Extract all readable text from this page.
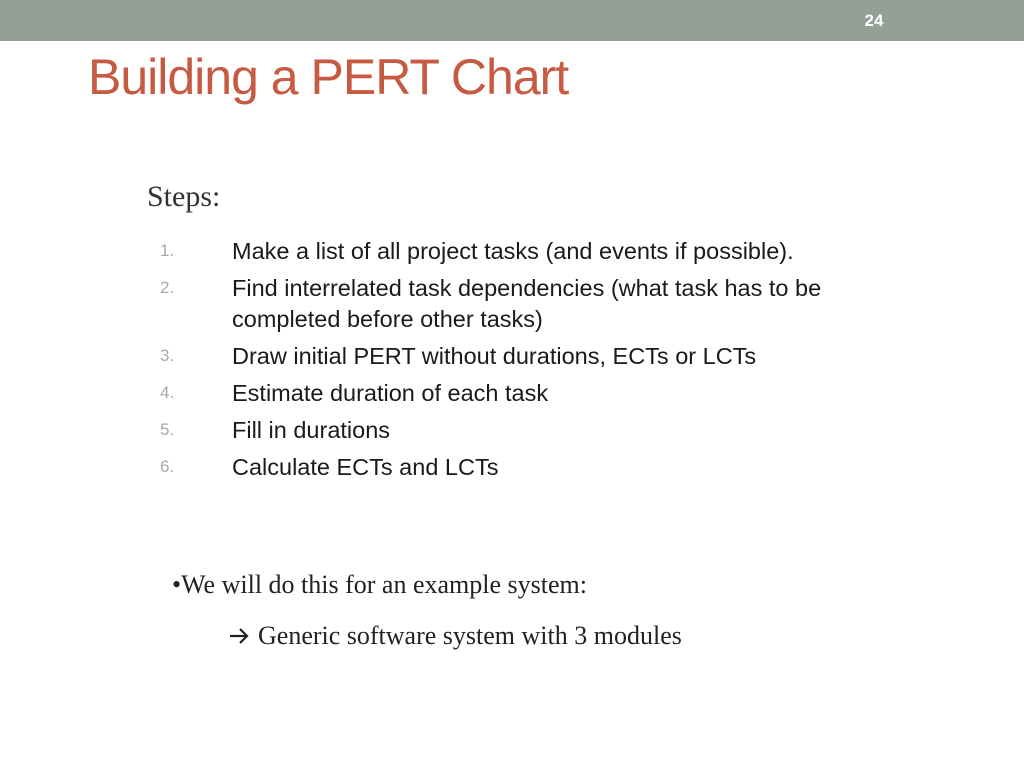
24
Building a PERT Chart
Steps:
1.	Make a list of all project tasks (and events if possible).
2.	Find interrelated task dependencies (what task has to be completed before other tasks)
3.	Draw initial PERT without durations, ECTs or LCTs
4.	Estimate duration of each task
5.	Fill in durations
6.	Calculate ECTs and LCTs
•We will do this for an example system:
Generic software system with 3 modules
